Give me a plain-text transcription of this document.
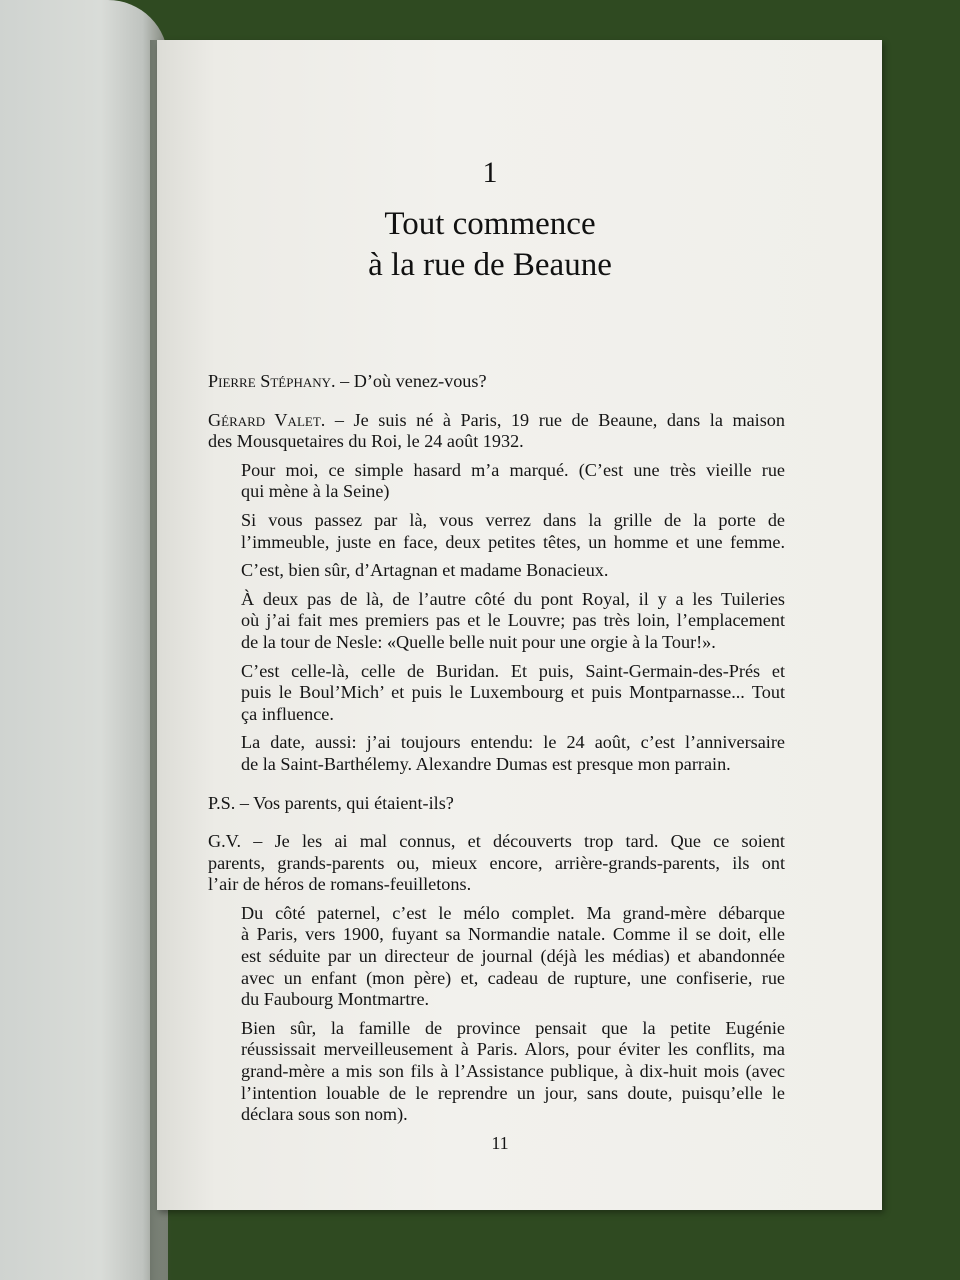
1
Tout commence
à la rue de Beaune

Pierre Stéphany. – D’où venez-vous?

Gérard Valet. – Je suis né à Paris, 19 rue de Beaune, dans la maison
des Mousquetaires du Roi, le 24 août 1932.

Pour moi, ce simple hasard m’a marqué. (C’est une très vieille rue
qui mène à la Seine)

Si vous passez par là, vous verrez dans la grille de la porte de
l’immeuble, juste en face, deux petites têtes, un homme et une femme.

C’est, bien sûr, d’Artagnan et madame Bonacieux.

À deux pas de là, de l’autre côté du pont Royal, il y a les Tuileries
où j’ai fait mes premiers pas et le Louvre; pas très loin, l’emplacement
de la tour de Nesle: «Quelle belle nuit pour une orgie à la Tour!».

C’est celle-là, celle de Buridan. Et puis, Saint-Germain-des-Prés et
puis le Boul’Mich’ et puis le Luxembourg et puis Montparnasse... Tout
ça influence.

La date, aussi: j’ai toujours entendu: le 24 août, c’est l’anniversaire
de la Saint-Barthélemy. Alexandre Dumas est presque mon parrain.

P.S. – Vos parents, qui étaient-ils?

G.V. – Je les ai mal connus, et découverts trop tard. Que ce soient
parents, grands-parents ou, mieux encore, arrière-grands-parents, ils ont
l’air de héros de romans-feuilletons.

Du côté paternel, c’est le mélo complet. Ma grand-mère débarque
à Paris, vers 1900, fuyant sa Normandie natale. Comme il se doit, elle
est séduite par un directeur de journal (déjà les médias) et abandonnée
avec un enfant (mon père) et, cadeau de rupture, une confiserie, rue
du Faubourg Montmartre.

Bien sûr, la famille de province pensait que la petite Eugénie
réussissait merveilleusement à Paris. Alors, pour éviter les conflits, ma
grand-mère a mis son fils à l’Assistance publique, à dix-huit mois (avec
l’intention louable de le reprendre un jour, sans doute, puisqu’elle le
déclara sous son nom).

11
